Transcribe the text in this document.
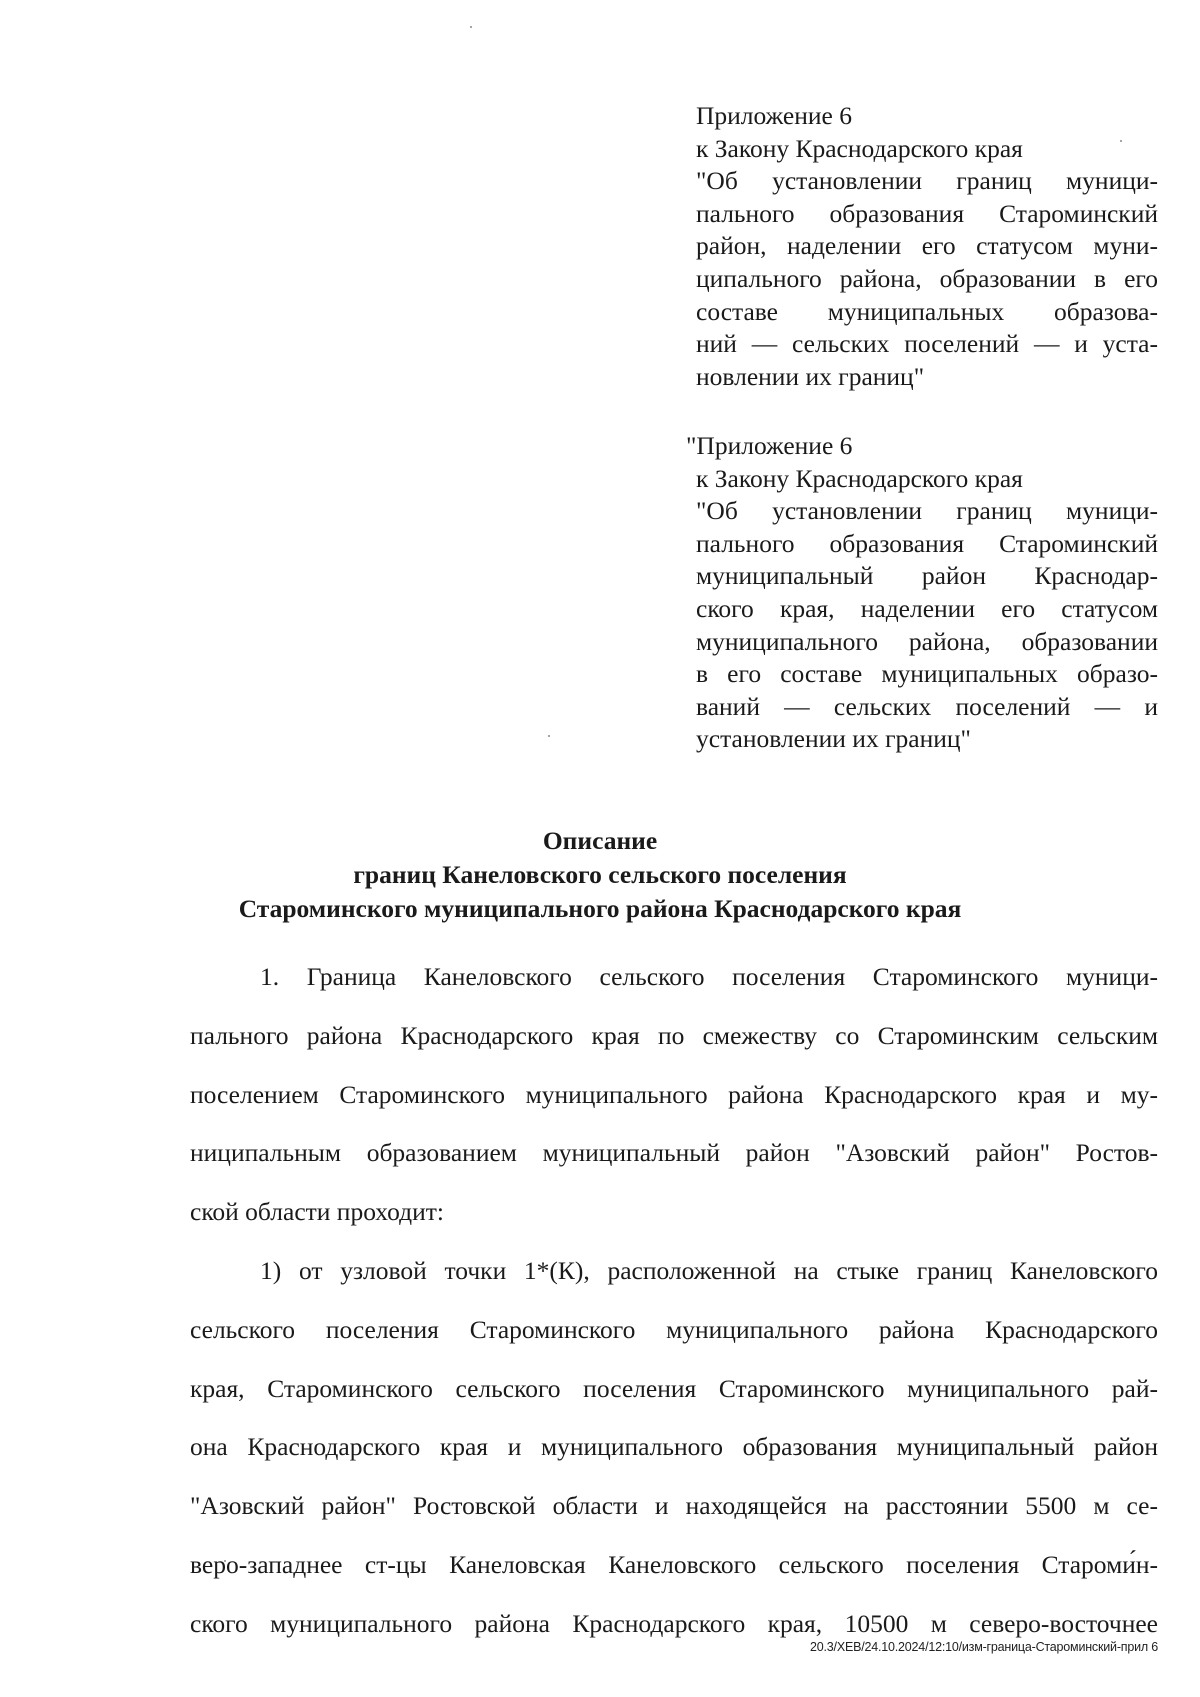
Приложение 6
к Закону Краснодарского края
"Об установлении границ муници-
пального образования Староминский
район, наделении его статусом муни-
ципального района, образовании в его
составе муниципальных образова-
ний — сельских поселений — и уста-
новлении их границ"
"Приложение 6
к Закону Краснодарского края
"Об установлении границ муници-
пального образования Староминский
муниципальный район Краснодар-
ского края, наделении его статусом
муниципального района, образовании
в его составе муниципальных образо-
ваний — сельских поселений — и
установлении их границ"
Описание
границ Канеловского сельского поселения
Староминского муниципального района Краснодарского края
1. Граница Канеловского сельского поселения Староминского муници-
пального района Краснодарского края по смежеству со Староминским сельским
поселением Староминского муниципального района Краснодарского края и му-
ниципальным образованием муниципальный район "Азовский район" Ростов-
ской области проходит:
1) от узловой точки 1*(К), расположенной на стыке границ Канеловского
сельского поселения Староминского муниципального района Краснодарского
края, Староминского сельского поселения Староминского муниципального рай-
она Краснодарского края и муниципального образования муниципальный район
"Азовский район" Ростовской области и находящейся на расстоянии 5500 м се-
веро-западнее ст-цы Канеловская Канеловского сельского поселения Староми́н-
ского муниципального района Краснодарского края, 10500 м северо-восточнее
20.3/ХЕВ/24.10.2024/12:10/изм-граница-Староминский-прил 6
